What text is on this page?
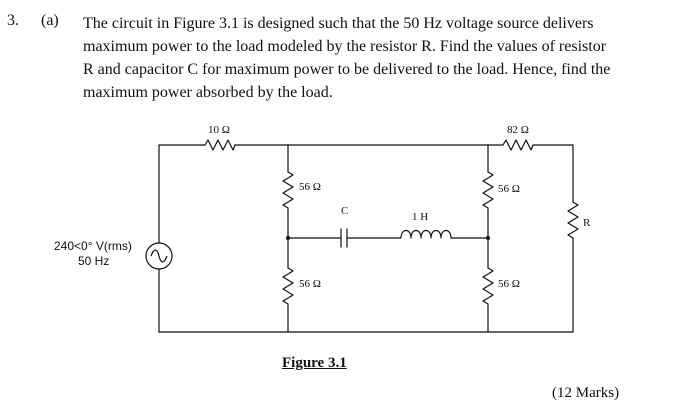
3. (a) The circuit in Figure 3.1 is designed such that the 50 Hz voltage source delivers
maximum power to the load modeled by the resistor R. Find the values of resistor
R and capacitor C for maximum power to be delivered to the load. Hence, find the
maximum power absorbed by the load.
10 Ω	82 Ω
56 Ω
56 Ω
56 Ω
56 Ω
C	1 H	R
240<0° V(rms)
50 Hz
Figure 3.1
(12 Marks)
